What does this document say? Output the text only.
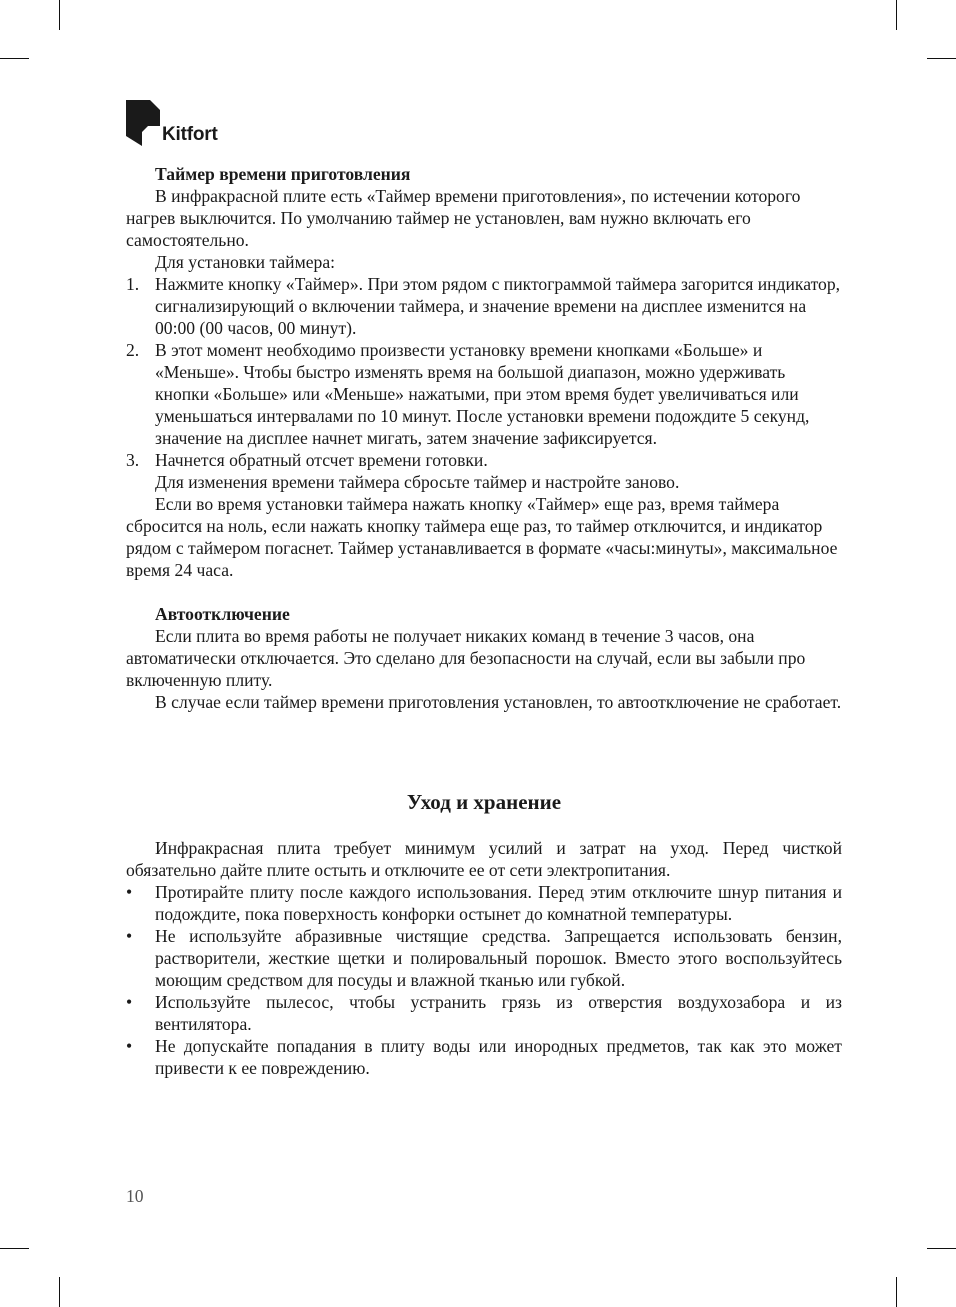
Kitfort

Таймер времени приготовления

В инфракрасной плите есть «Таймер времени приготовления», по истечении которого нагрев выключится. По умолчанию таймер не установлен, вам нужно включать его самостоятельно.

Для установки таймера:

1. Нажмите кнопку «Таймер». При этом рядом с пиктограммой таймера загорится индикатор, сигнализирующий о включении таймера, и значение времени на дисплее изменится на 00:00 (00 часов, 00 минут).

2. В этот момент необходимо произвести установку времени кнопками «Больше» и «Меньше». Чтобы быстро изменять время на большой диапазон, можно удерживать кнопки «Больше» или «Меньше» нажатыми, при этом время будет увеличиваться или уменьшаться интервалами по 10 минут. После установки времени подождите 5 секунд, значение на дисплее начнет мигать, затем значение зафиксируется.

3. Начнется обратный отсчет времени готовки.

Для изменения времени таймера сбросьте таймер и настройте заново.

Если во время установки таймера нажать кнопку «Таймер» еще раз, время таймера сбросится на ноль, если нажать кнопку таймера еще раз, то таймер отключится, и индикатор рядом с таймером погаснет. Таймер устанавливается в формате «часы:минуты», максимальное время 24 часа.

Автоотключение

Если плита во время работы не получает никаких команд в течение 3 часов, она автоматически отключается. Это сделано для безопасности на случай, если вы забыли про включенную плиту.

В случае если таймер времени приготовления установлен, то автоотключение не сработает.

Уход и хранение

Инфракрасная плита требует минимум усилий и затрат на уход. Перед чисткой обязательно дайте плите остыть и отключите ее от сети электропитания.

• Протирайте плиту после каждого использования. Перед этим отключите шнур питания и подождите, пока поверхность конфорки остынет до комнатной температуры.

• Не используйте абразивные чистящие средства. Запрещается использовать бензин, растворители, жесткие щетки и полировальный порошок. Вместо этого воспользуйтесь моющим средством для посуды и влажной тканью или губкой.

• Используйте пылесос, чтобы устранить грязь из отверстия воздухозабора и из вентилятора.

• Не допускайте попадания в плиту воды или инородных предметов, так как это может привести к ее повреждению.

10
